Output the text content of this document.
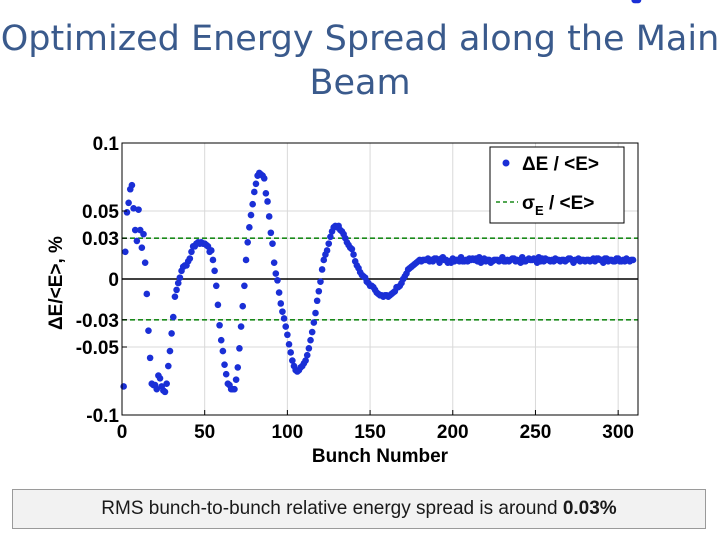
Optimized Energy Spread along the Main Beam
-0.1
-0.05
-0.03
0
0.03
0.05
0.1
0	50	100	150	200	250	300
Bunch Number
ΔE/<E>, %
ΔE / <E>
$\sigma_E / <E>$
RMS bunch-to-bunch relative energy spread is around 0.03%
